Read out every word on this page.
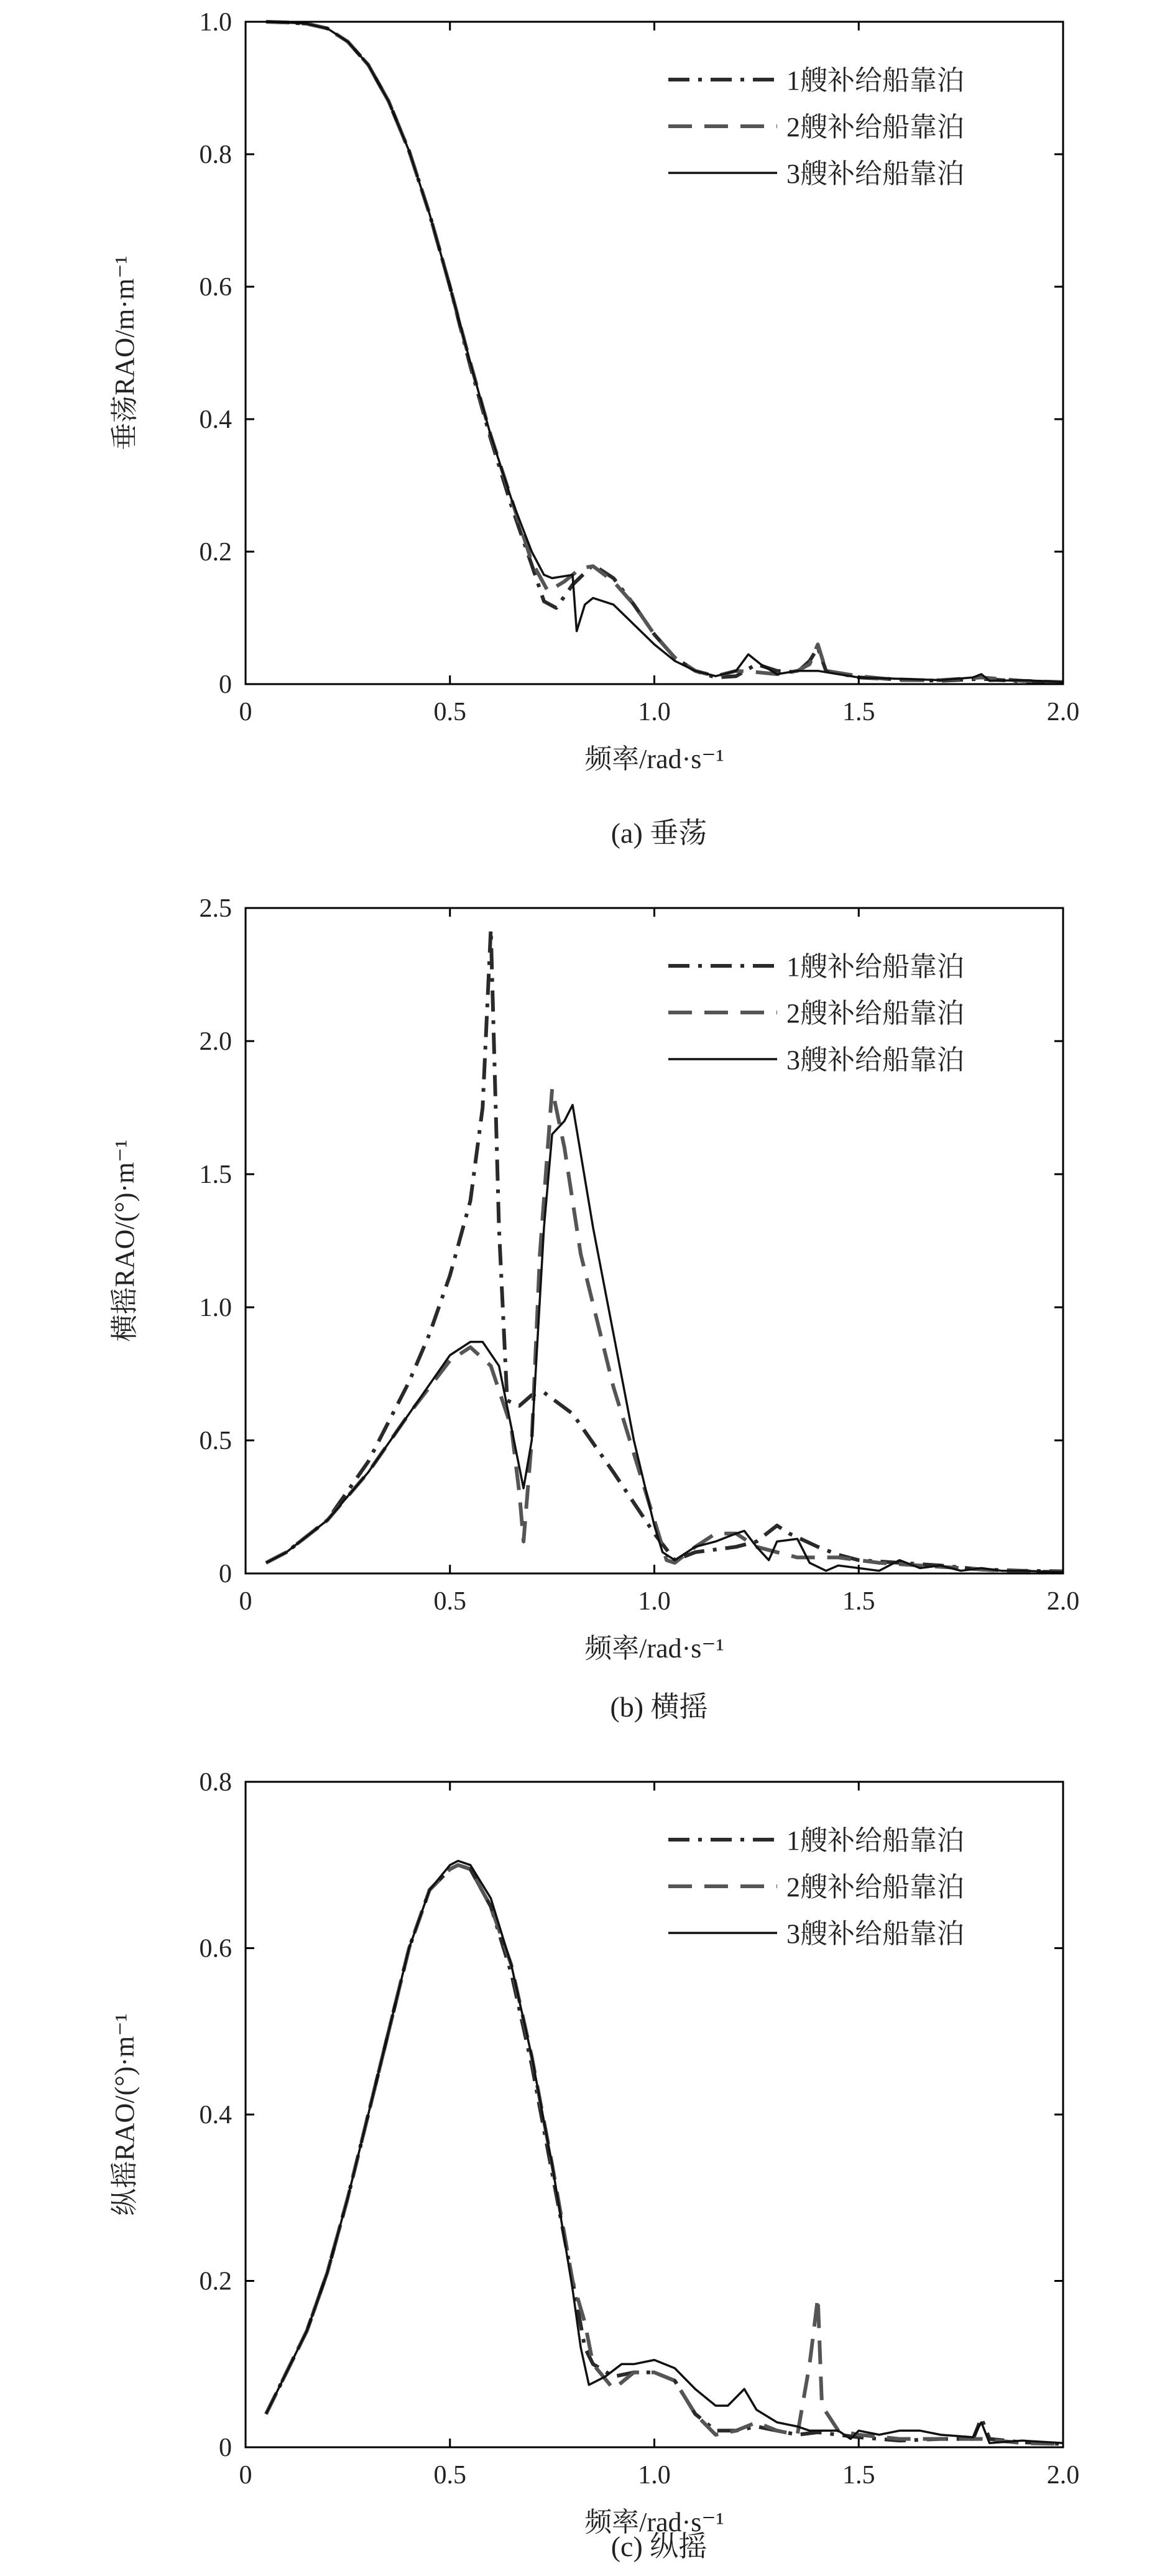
0	0.5	1.0	1.5	2.0
0
0.2
0.4
0.6
0.8
1.0
频率/rad·s⁻¹
垂荡RAO/m·m⁻¹
(a) 垂荡
1艘补给船靠泊
2艘补给船靠泊
3艘补给船靠泊
0	0.5	1.0	1.5	2.0
0
0.5
1.0
1.5
2.0
2.5
频率/rad·s⁻¹
横摇RAO/(°)·m⁻¹
(b) 横摇
1艘补给船靠泊
2艘补给船靠泊
3艘补给船靠泊
0	0.5	1.0	1.5	2.0
0
0.2
0.4
0.6
0.8
频率/rad·s⁻¹
纵摇RAO/(°)·m⁻¹
(c) 纵摇
1艘补给船靠泊
2艘补给船靠泊
3艘补给船靠泊
